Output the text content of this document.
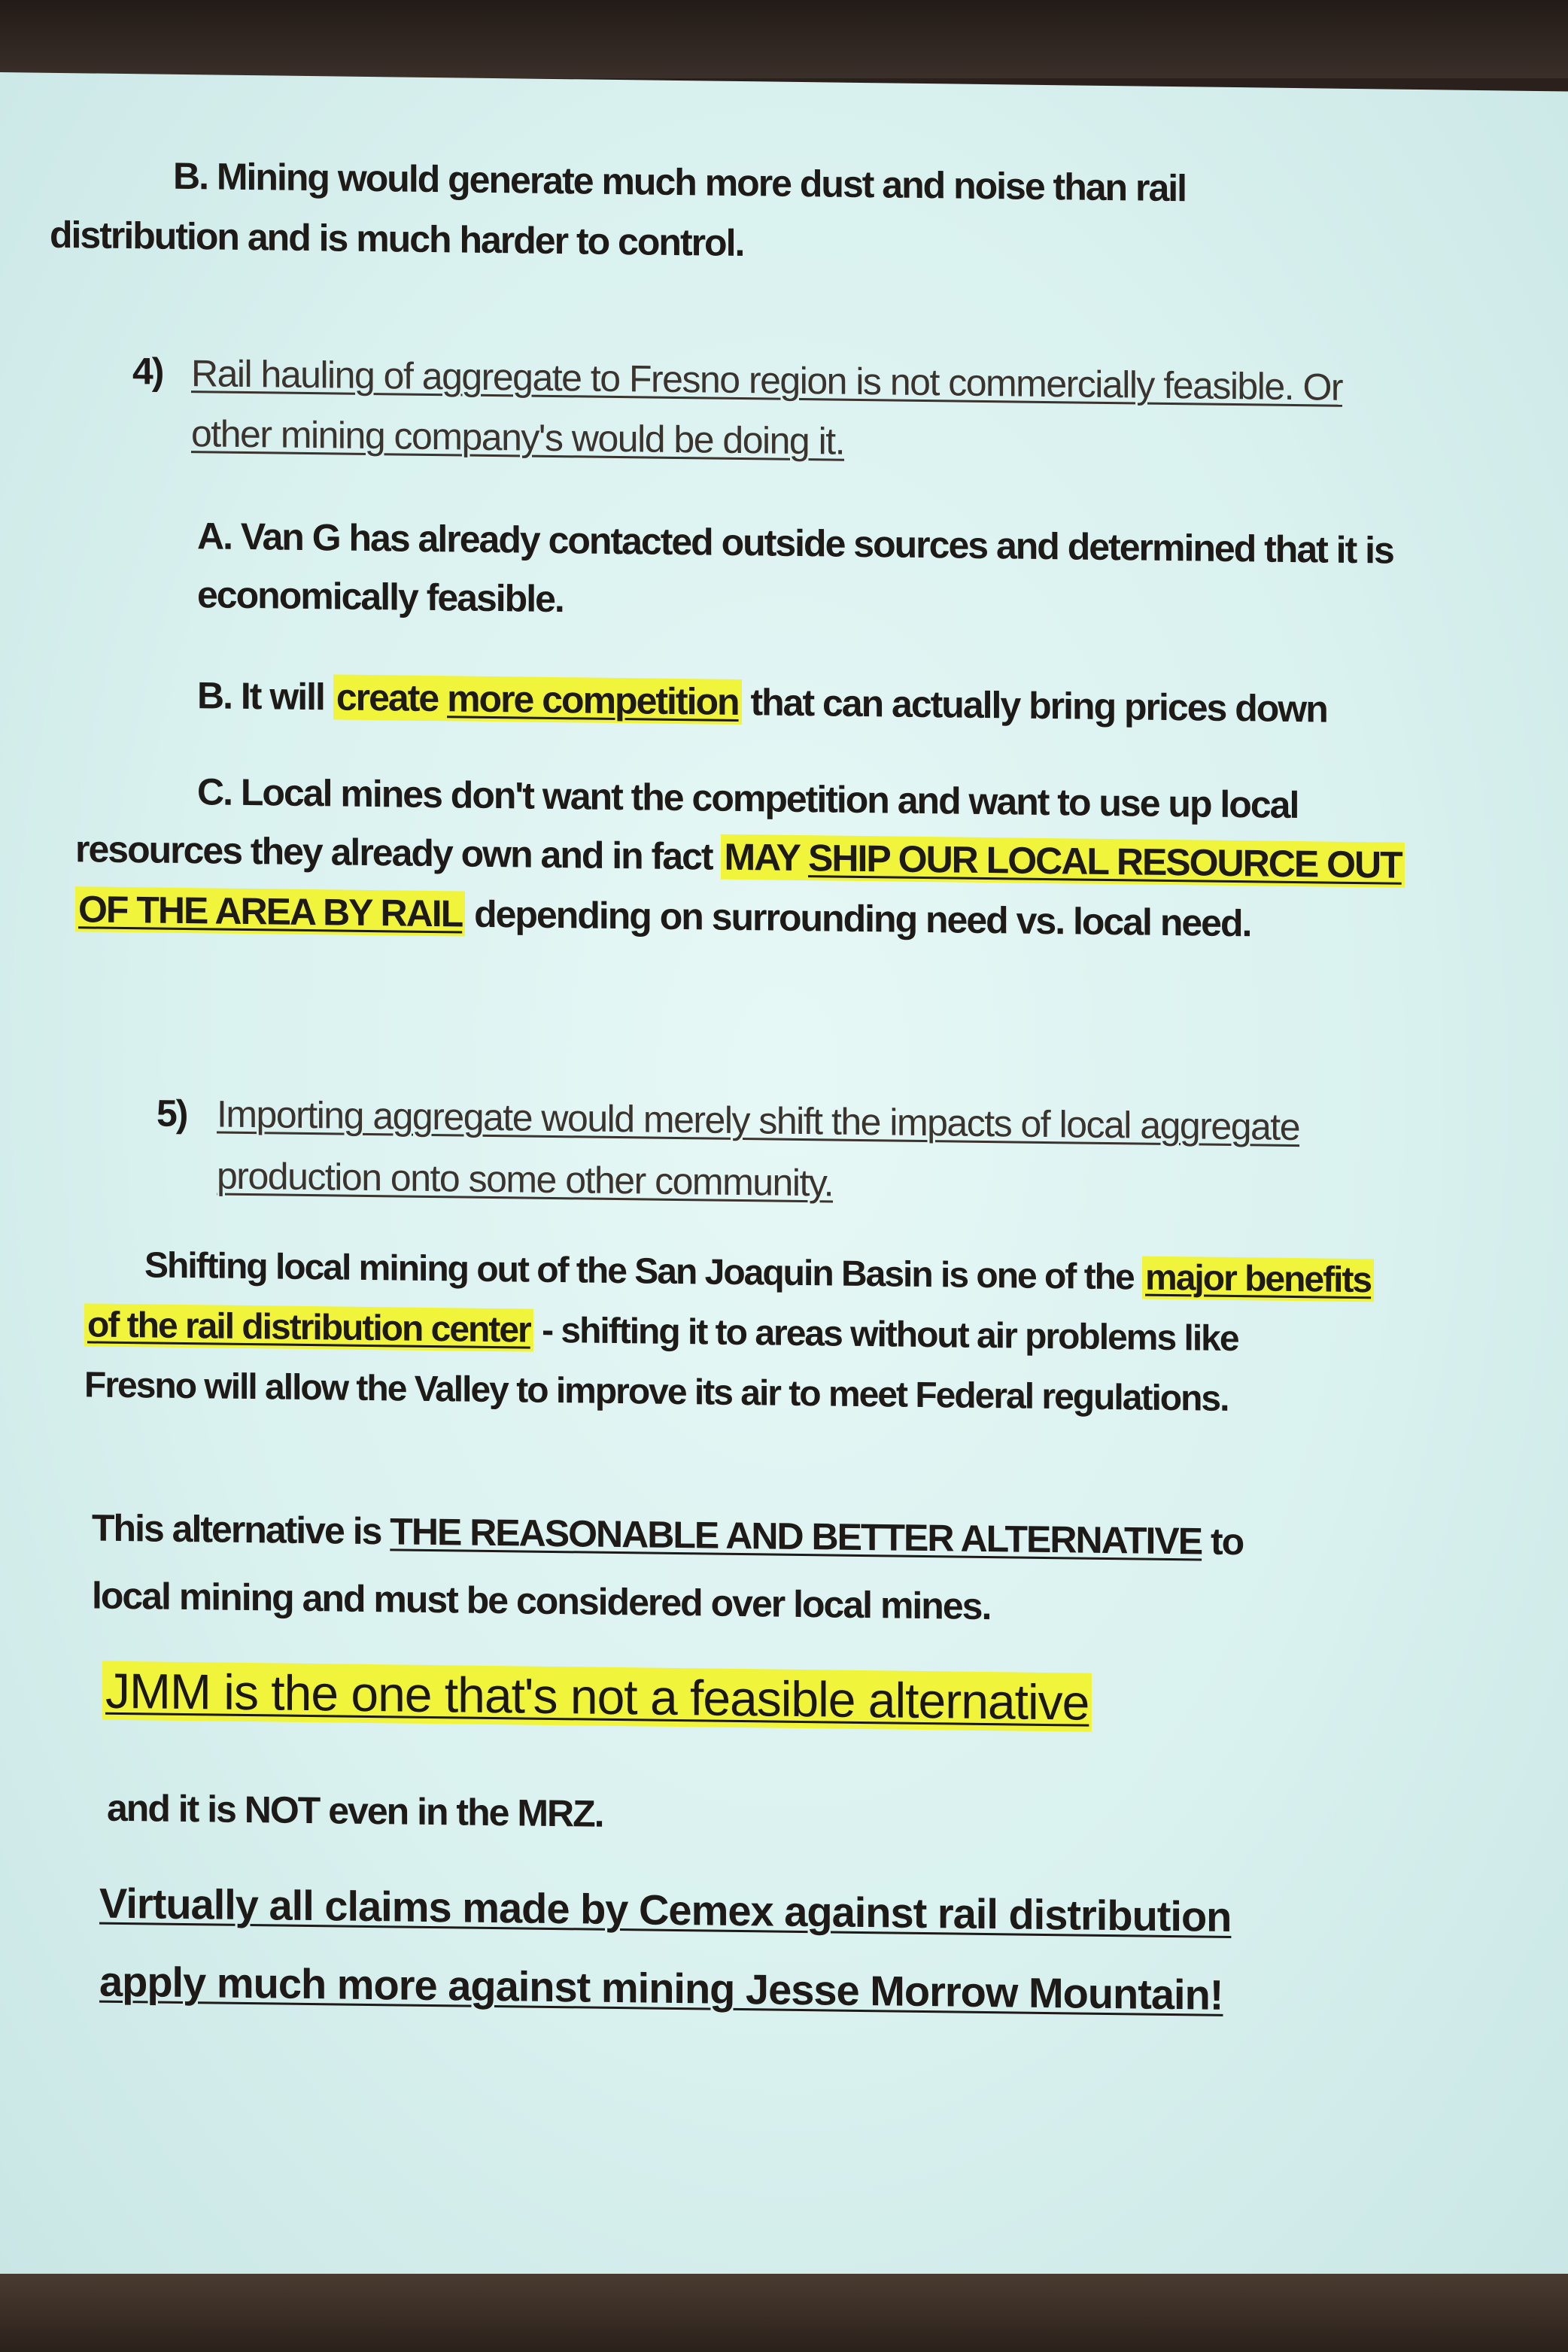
B. Mining would generate much more dust and noise than rail
distribution and is much harder to control.
4) Rail hauling of aggregate to Fresno region is not commercially feasible. Or
other mining company's would be doing it.
A. Van G has already contacted outside sources and determined that it is
economically feasible.
B. It will create more competition that can actually bring prices down
C. Local mines don't want the competition and want to use up local
resources they already own and in fact MAY SHIP OUR LOCAL RESOURCE OUT
OF THE AREA BY RAIL depending on surrounding need vs. local need.
5) Importing aggregate would merely shift the impacts of local aggregate
production onto some other community.
Shifting local mining out of the San Joaquin Basin is one of the major benefits
of the rail distribution center - shifting it to areas without air problems like
Fresno will allow the Valley to improve its air to meet Federal regulations.
This alternative is THE REASONABLE AND BETTER ALTERNATIVE to
local mining and must be considered over local mines.
JMM is the one that's not a feasible alternative
and it is NOT even in the MRZ.
Virtually all claims made by Cemex against rail distribution
apply much more against mining Jesse Morrow Mountain!
